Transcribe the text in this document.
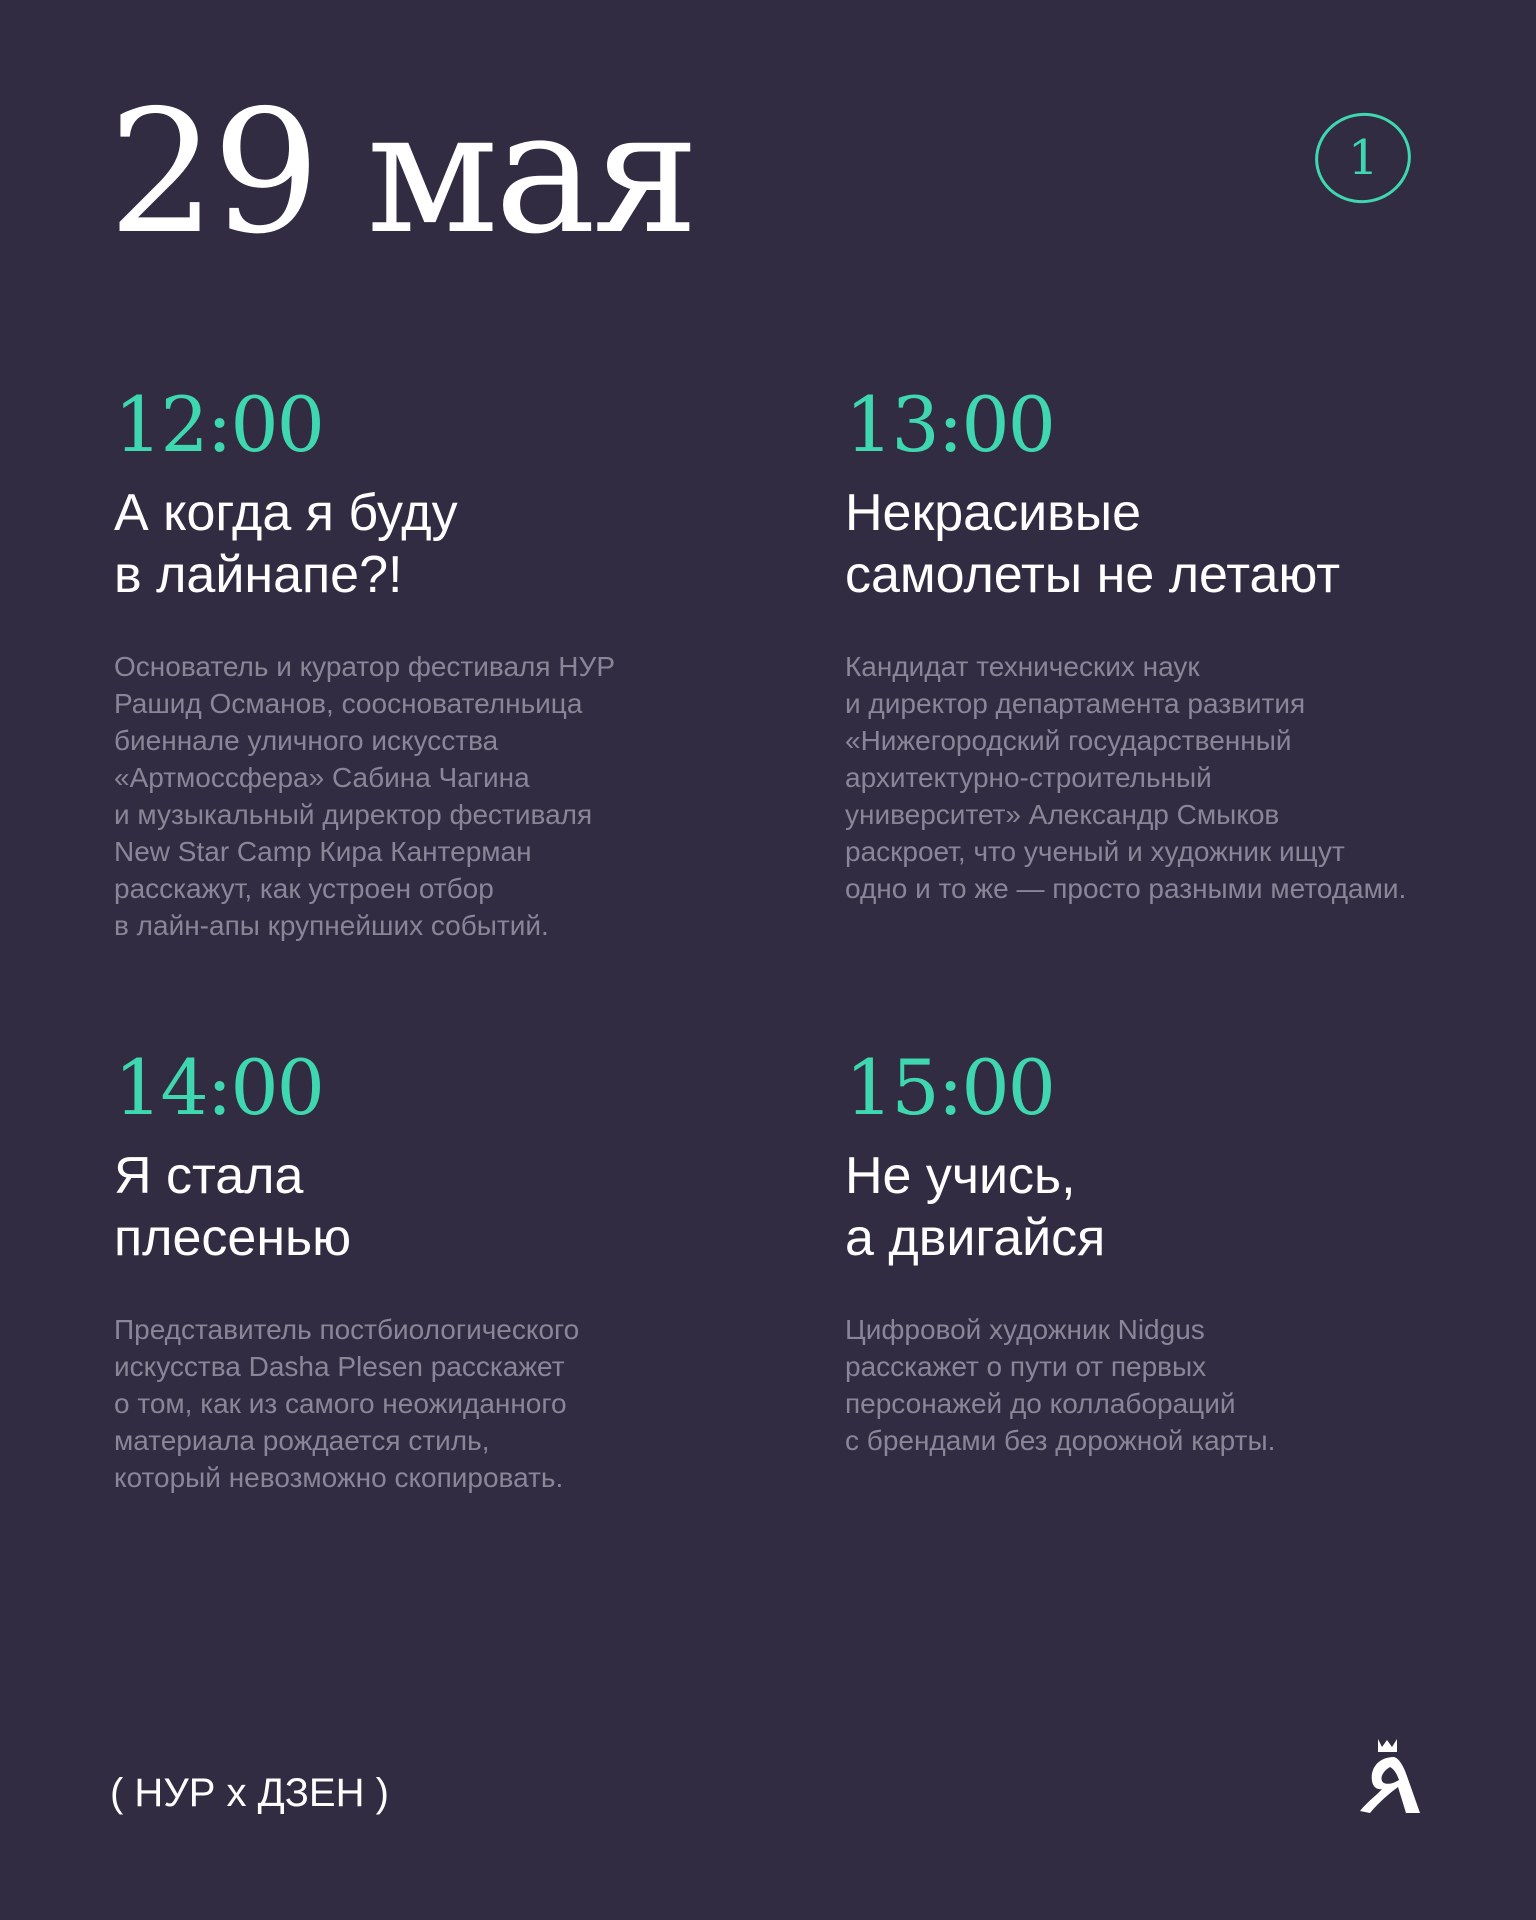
29 мая	1
12:00
А когда я буду
в лайнапе?!
Основатель и куратор фестиваля НУР
Рашид Османов, сооснователньица
биеннале уличного искусства
«Артмоссфера» Сабина Чагина
и музыкальный директор фестиваля
New Star Camp Кира Кантерман
расскажут, как устроен отбор
в лайн-апы крупнейших событий.
13:00
Некрасивые
самолеты не летают
Кандидат технических наук
и директор департамента развития
«Нижегородский государственный
архитектурно-строительный
университет» Александр Смыков
раскроет, что ученый и художник ищут
одно и то же — просто разными методами.
14:00
Я стала
плесенью
Представитель постбиологического
искусства Dasha Plesen расскажет
о том, как из самого неожиданного
материала рождается стиль,
который невозможно скопировать.
15:00
Не учись,
а двигайся
Цифровой художник Nidgus
расскажет о пути от первых
персонажей до коллабораций
с брендами без дорожной карты.
( НУР x ДЗЕН )
